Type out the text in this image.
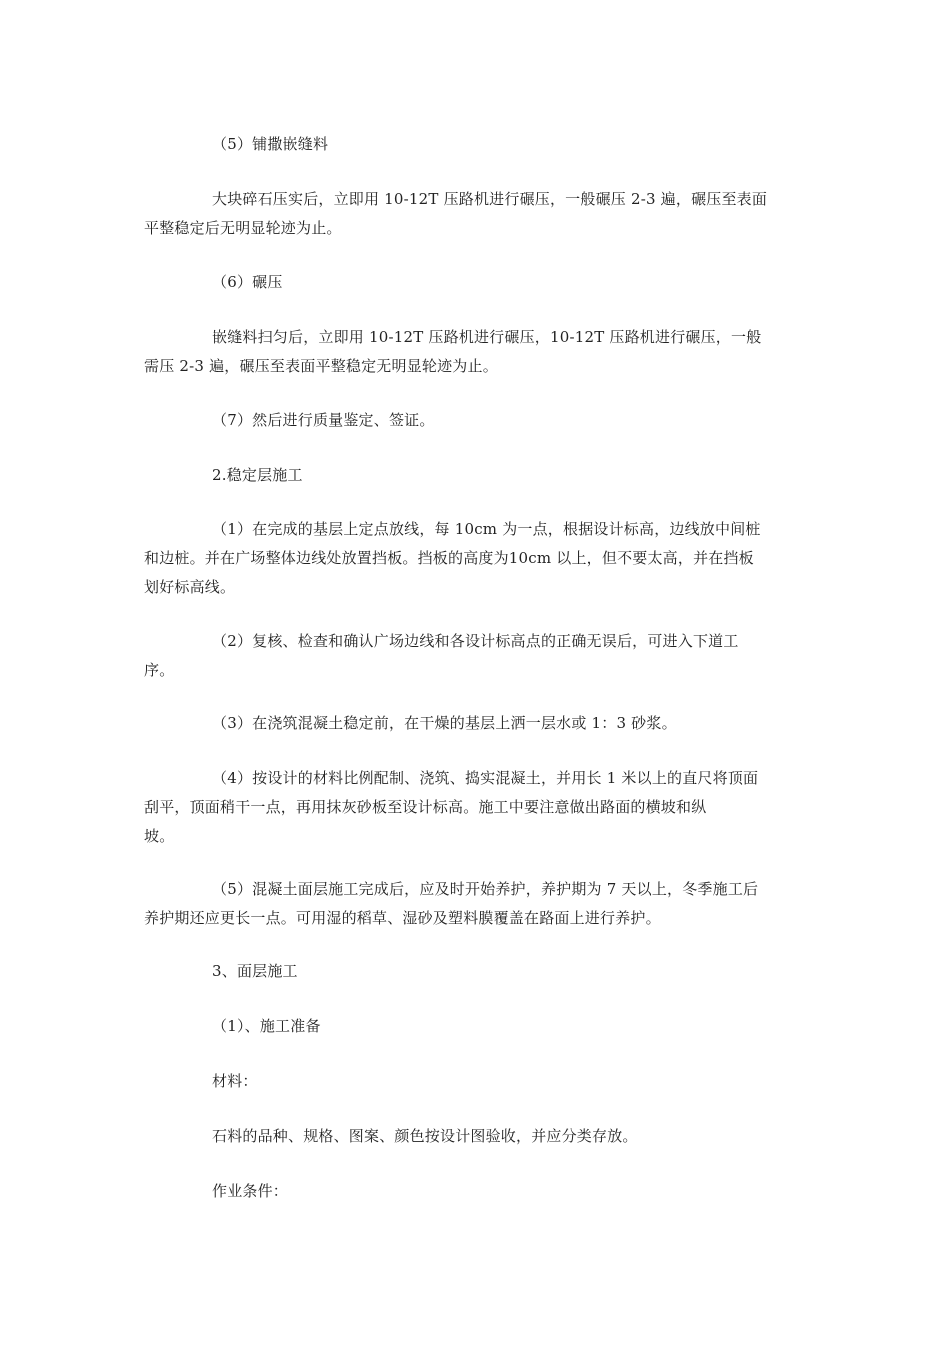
（5）铺撒嵌缝料

大块碎石压实后，立即用 10-12T 压路机进行碾压，一般碾压 2-3 遍，碾压至表面
平整稳定后无明显轮迹为止。

（6）碾压

嵌缝料扫匀后，立即用 10-12T 压路机进行碾压，10-12T 压路机进行碾压，一般
需压 2-3 遍，碾压至表面平整稳定无明显轮迹为止。

（7）然后进行质量鉴定、签证。

2.稳定层施工

（1）在完成的基层上定点放线，每 10cm 为一点，根据设计标高，边线放中间桩
和边桩。并在广场整体边线处放置挡板。挡板的高度为10cm 以上，但不要太高，并在挡板
划好标高线。

（2）复核、检查和确认广场边线和各设计标高点的正确无误后，可进入下道工
序。

（3）在浇筑混凝土稳定前，在干燥的基层上洒一层水或 1：3 砂浆。

（4）按设计的材料比例配制、浇筑、捣实混凝土，并用长 1 米以上的直尺将顶面
刮平，顶面稍干一点，再用抹灰砂板至设计标高。施工中要注意做出路面的横坡和纵
坡。

（5）混凝土面层施工完成后，应及时开始养护，养护期为 7 天以上，冬季施工后
养护期还应更长一点。可用湿的稻草、湿砂及塑料膜覆盖在路面上进行养护。

3、面层施工

（1）、施工准备

材料：

石料的品种、规格、图案、颜色按设计图验收，并应分类存放。

作业条件：
